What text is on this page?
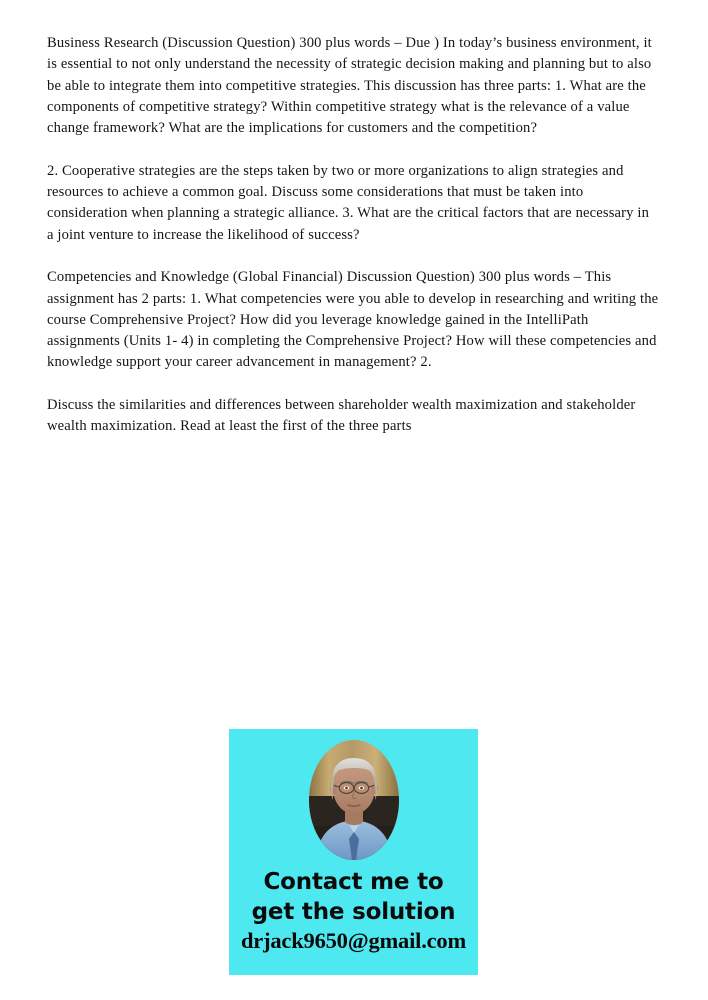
Business Research (Discussion Question) 300 plus words – Due ) In today’s business environment, it is essential to not only understand the necessity of strategic decision making and planning but to also be able to integrate them into competitive strategies. This discussion has three parts: 1. What are the components of competitive strategy? Within competitive strategy what is the relevance of a value change framework? What are the implications for customers and the competition?

2. Cooperative strategies are the steps taken by two or more organizations to align strategies and resources to achieve a common goal. Discuss some considerations that must be taken into consideration when planning a strategic alliance. 3. What are the critical factors that are necessary in a joint venture to increase the likelihood of success?

Competencies and Knowledge (Global Financial) Discussion Question) 300 plus words – This assignment has 2 parts: 1. What competencies were you able to develop in researching and writing the course Comprehensive Project? How did you leverage knowledge gained in the IntelliPath assignments (Units 1- 4) in completing the Comprehensive Project? How will these competencies and knowledge support your career advancement in management? 2.

Discuss the similarities and differences between shareholder wealth maximization and stakeholder wealth maximization. Read at least the first of the three parts

Contact me to
get the solution
drjack9650@gmail.com
